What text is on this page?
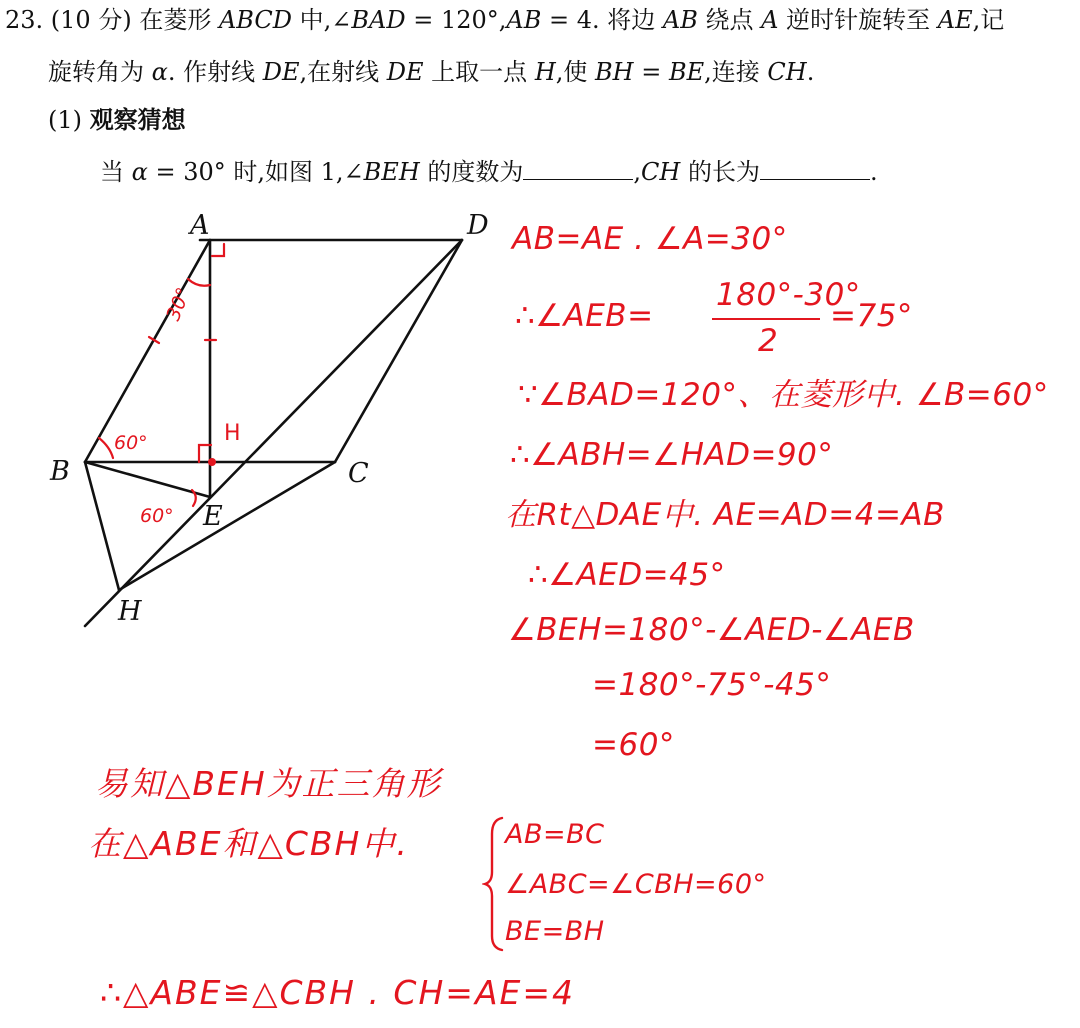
23. (10 分) 在菱形 ABCD 中,∠BAD = 120°,AB = 4. 将边 AB 绕点 A 逆时针旋转至 AE,记
旋转角为 α. 作射线 DE,在射线 DE 上取一点 H,使 BH = BE,连接 CH.
(1) 观察猜想
当 α = 30° 时,如图 1,∠BEH 的度数为	,CH 的长为	.
A	D
B	C
E
H
30°
60°
60°
H
AB=AE . ∠A=30°
∴∠AEB=
180°-30°
2
=75°
∵∠BAD=120°、在菱形中. ∠B=60°
∴∠ABH=∠HAD=90°
在Rt△DAE中. AE=AD=4=AB
∴∠AED=45°
∠BEH=180°-∠AED-∠AEB
=180°-75°-45°
=60°
易知△BEH为正三角形
在△ABE和△CBH中.	AB=BC
∠ABC=∠CBH=60°
BE=BH
∴△ABE≌△CBH . CH=AE=4
